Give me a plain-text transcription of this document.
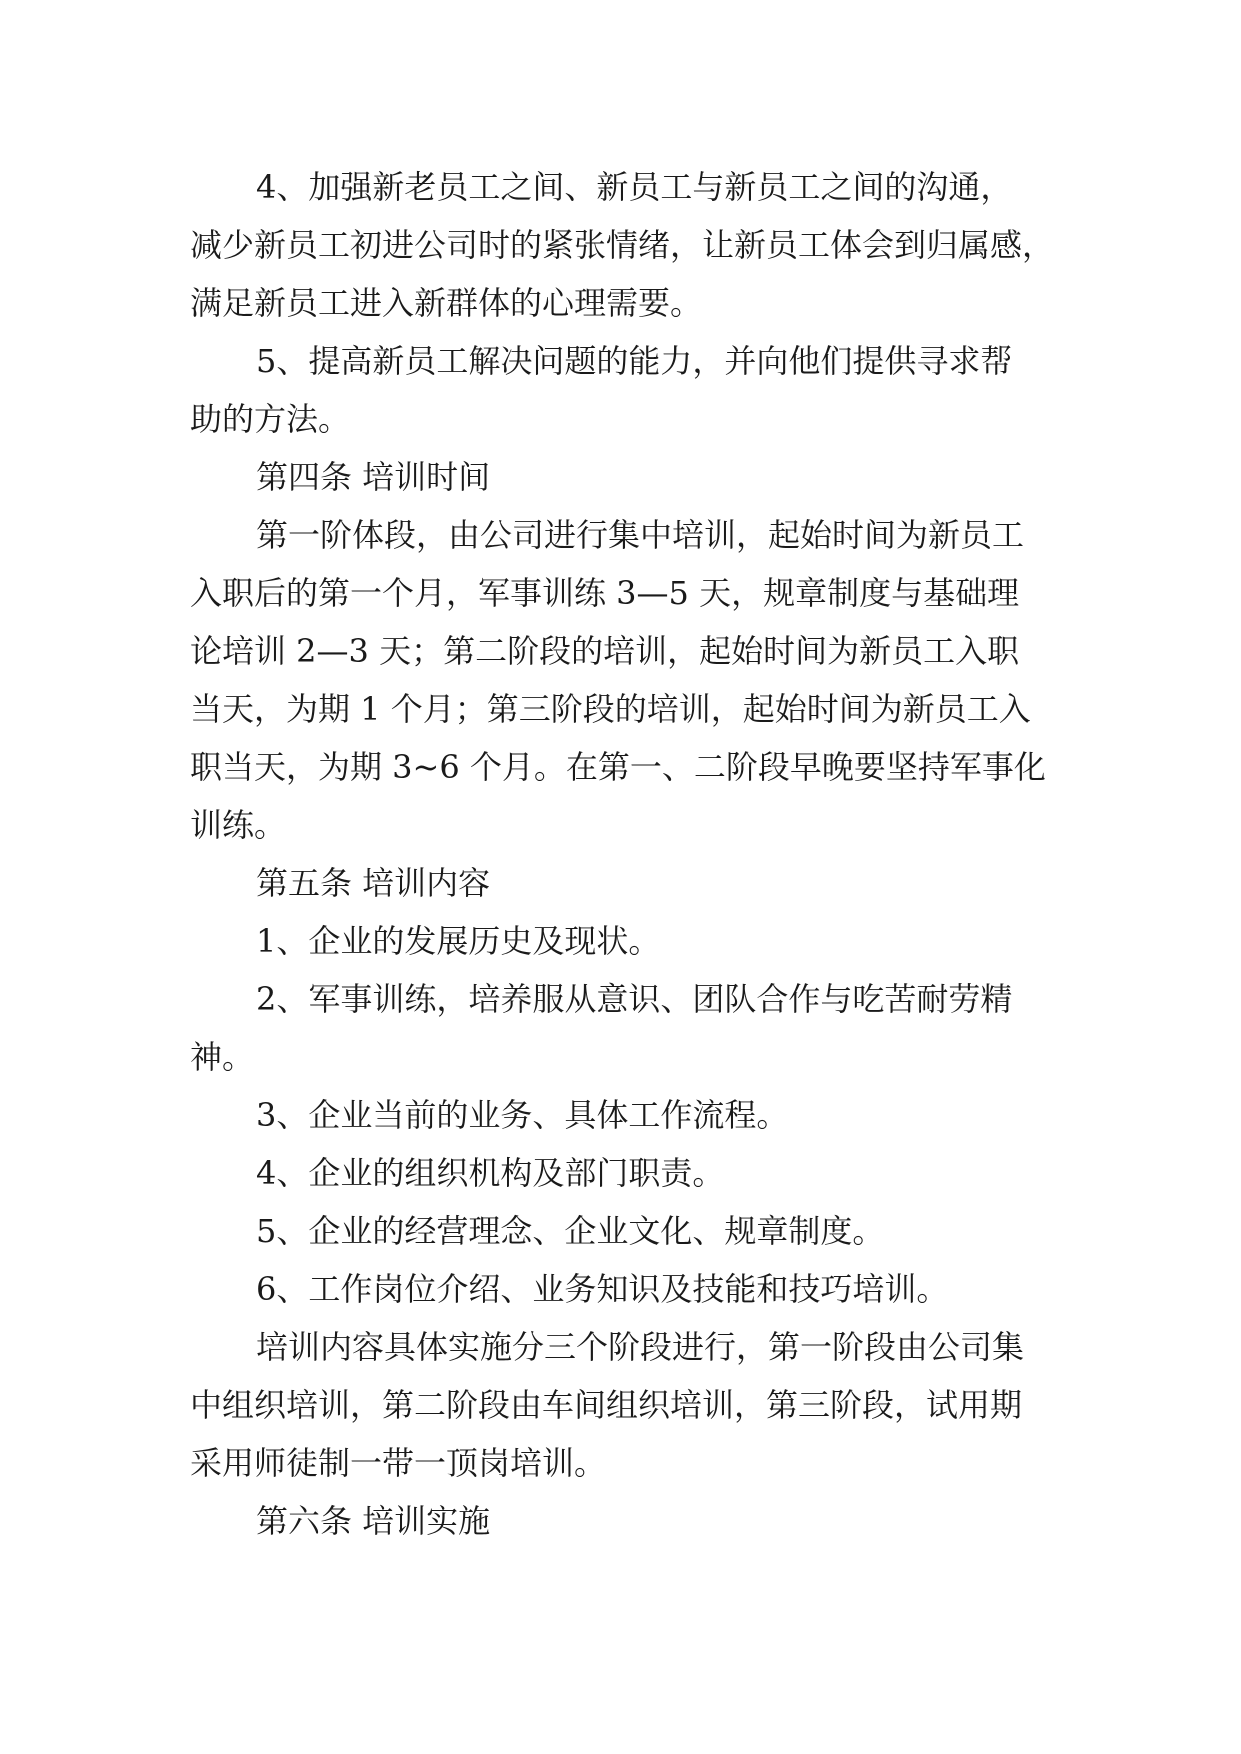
4、加强新老员工之间、新员工与新员工之间的沟通，
减少新员工初进公司时的紧张情绪，让新员工体会到归属感，
满足新员工进入新群体的心理需要。
5、提高新员工解决问题的能力，并向他们提供寻求帮
助的方法。
第四条 培训时间
第一阶体段，由公司进行集中培训，起始时间为新员工
入职后的第一个月，军事训练 3—5 天，规章制度与基础理
论培训 2—3 天；第二阶段的培训，起始时间为新员工入职
当天，为期 1 个月；第三阶段的培训，起始时间为新员工入
职当天，为期 3~6 个月。在第一、二阶段早晚要坚持军事化
训练。
第五条 培训内容
1、企业的发展历史及现状。
2、军事训练，培养服从意识、团队合作与吃苦耐劳精
神。
3、企业当前的业务、具体工作流程。
4、企业的组织机构及部门职责。
5、企业的经营理念、企业文化、规章制度。
6、工作岗位介绍、业务知识及技能和技巧培训。
培训内容具体实施分三个阶段进行，第一阶段由公司集
中组织培训，第二阶段由车间组织培训，第三阶段，试用期
采用师徒制一带一顶岗培训。
第六条 培训实施
